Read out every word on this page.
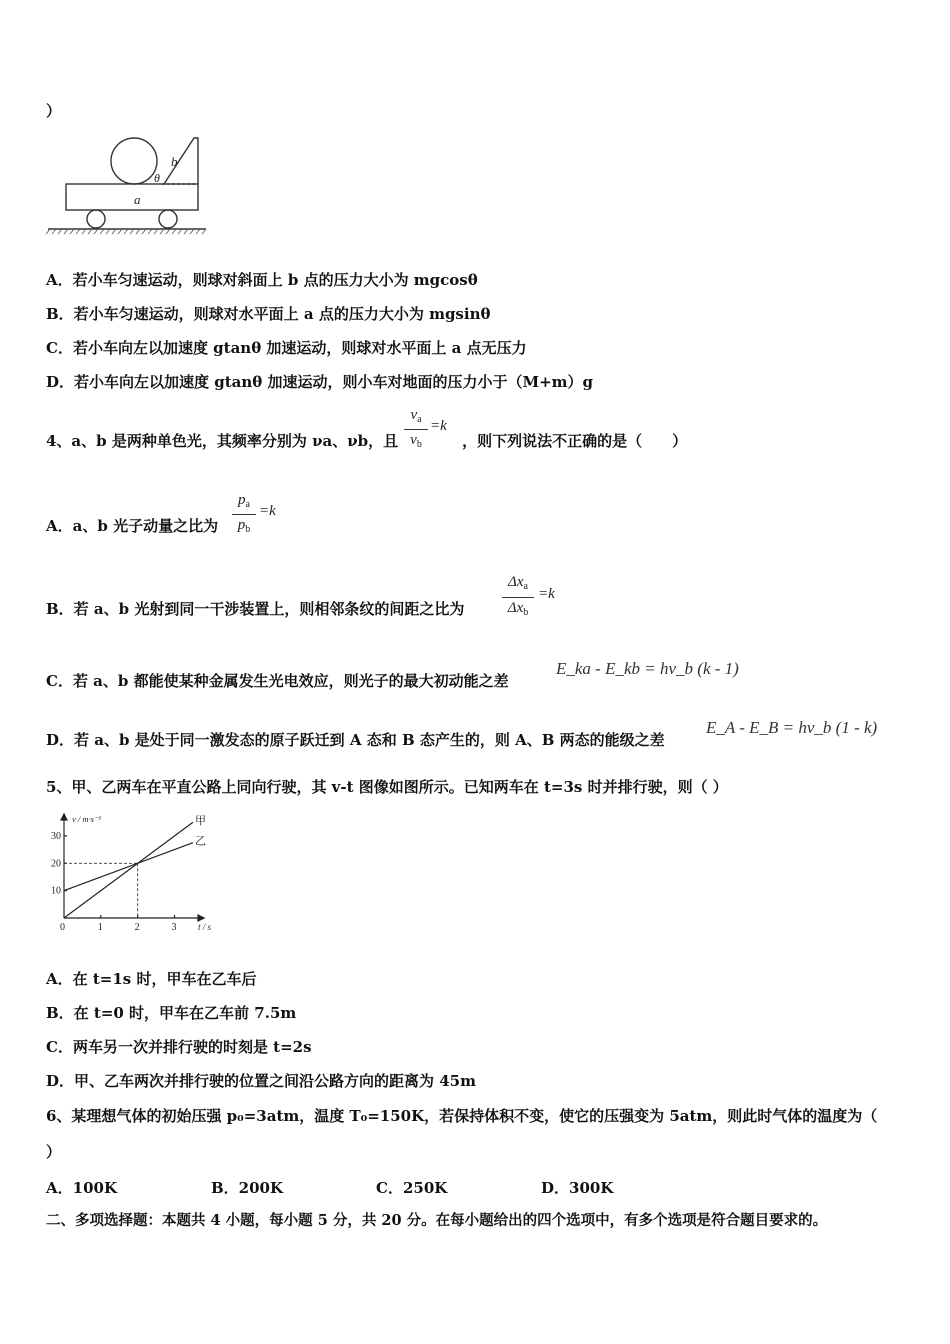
）
b
θ
a
A．若小车匀速运动，则球对斜面上 b 点的压力大小为 mgcosθ
B．若小车匀速运动，则球对水平面上 a 点的压力大小为 mgsinθ
C．若小车向左以加速度 gtanθ 加速运动，则球对水平面上 a 点无压力
D．若小车向左以加速度 gtanθ 加速运动，则小车对地面的压力小于（M+m）g
4、a、b 是两种单色光，其频率分别为 νa、νb，且	，则下列说法不正确的是（　　）
$\nu_a$
$\nu_b$
=k
A．a、b 光子动量之比为
$p_a$
$p_b$
=k
B．若 a、b 光射到同一干涉装置上，则相邻条纹的间距之比为
$\Delta x_a$
$\Delta x_b$
=k
C．若 a、b 都能使某种金属发生光电效应，则光子的最大初动能之差
E_ka - E_kb = hν_b (k - 1)
D．若 a、b 是处于同一激发态的原子跃迁到 A 态和 B 态产生的，则 A、B 两态的能级之差
E_A - E_B = hν_b (1 - k)
5、甲、乙两车在平直公路上同向行驶，其 v-t 图像如图所示。已知两车在 t=3s 时并排行驶，则（ ）
0	1	2	3
10
20
30
甲
乙
v / m·s⁻¹
t / s
A．在 t=1s 时，甲车在乙车后
B．在 t=0 时，甲车在乙车前 7.5m
C．两车另一次并排行驶的时刻是 t=2s
D．甲、乙车两次并排行驶的位置之间沿公路方向的距离为 45m
6、某理想气体的初始压强 p₀=3atm，温度 T₀=150K，若保持体积不变，使它的压强变为 5atm，则此时气体的温度为（
）
A．100K	B．200K	C．250K	D．300K
二、多项选择题：本题共 4 小题，每小题 5 分，共 20 分。在每小题给出的四个选项中，有多个选项是符合题目要求的。
